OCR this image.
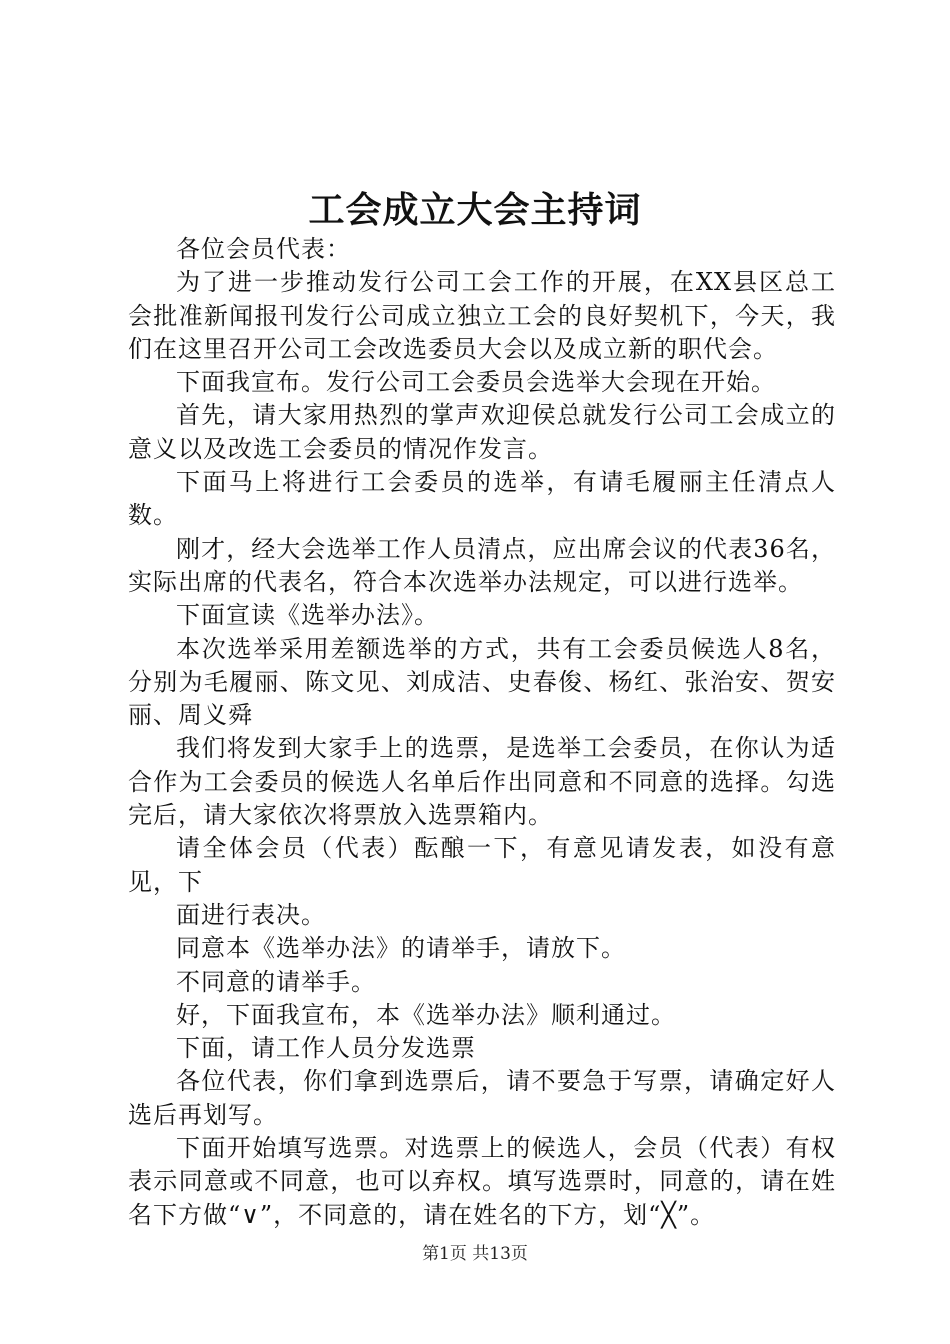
工会成立大会主持词

各位会员代表：

为了进一步推动发行公司工会工作的开展，在XX县区总工会批准新闻报刊发行公司成立独立工会的良好契机下，今天，我们在这里召开公司工会改选委员大会以及成立新的职代会。

下面我宣布。发行公司工会委员会选举大会现在开始。

首先，请大家用热烈的掌声欢迎侯总就发行公司工会成立的意义以及改选工会委员的情况作发言。

下面马上将进行工会委员的选举，有请毛履丽主任清点人数。

刚才，经大会选举工作人员清点，应出席会议的代表36名，实际出席的代表名，符合本次选举办法规定，可以进行选举。

下面宣读《选举办法》。

本次选举采用差额选举的方式，共有工会委员候选人8名，分别为毛履丽、陈文见、刘成洁、史春俊、杨红、张治安、贺安丽、周义舜

我们将发到大家手上的选票，是选举工会委员，在你认为适合作为工会委员的候选人名单后作出同意和不同意的选择。勾选完后，请大家依次将票放入选票箱内。

请全体会员（代表）酝酿一下，有意见请发表，如没有意见，下

面进行表决。

同意本《选举办法》的请举手，请放下。

不同意的请举手。

好，下面我宣布，本《选举办法》顺利通过。

下面，请工作人员分发选票

各位代表，你们拿到选票后，请不要急于写票，请确定好人选后再划写。

下面开始填写选票。对选票上的候选人，会员（代表）有权表示同意或不同意，也可以弃权。填写选票时，同意的，请在姓名下方做“∨”，不同意的，请在姓名的下方，划“╳”。

第1页 共13页
